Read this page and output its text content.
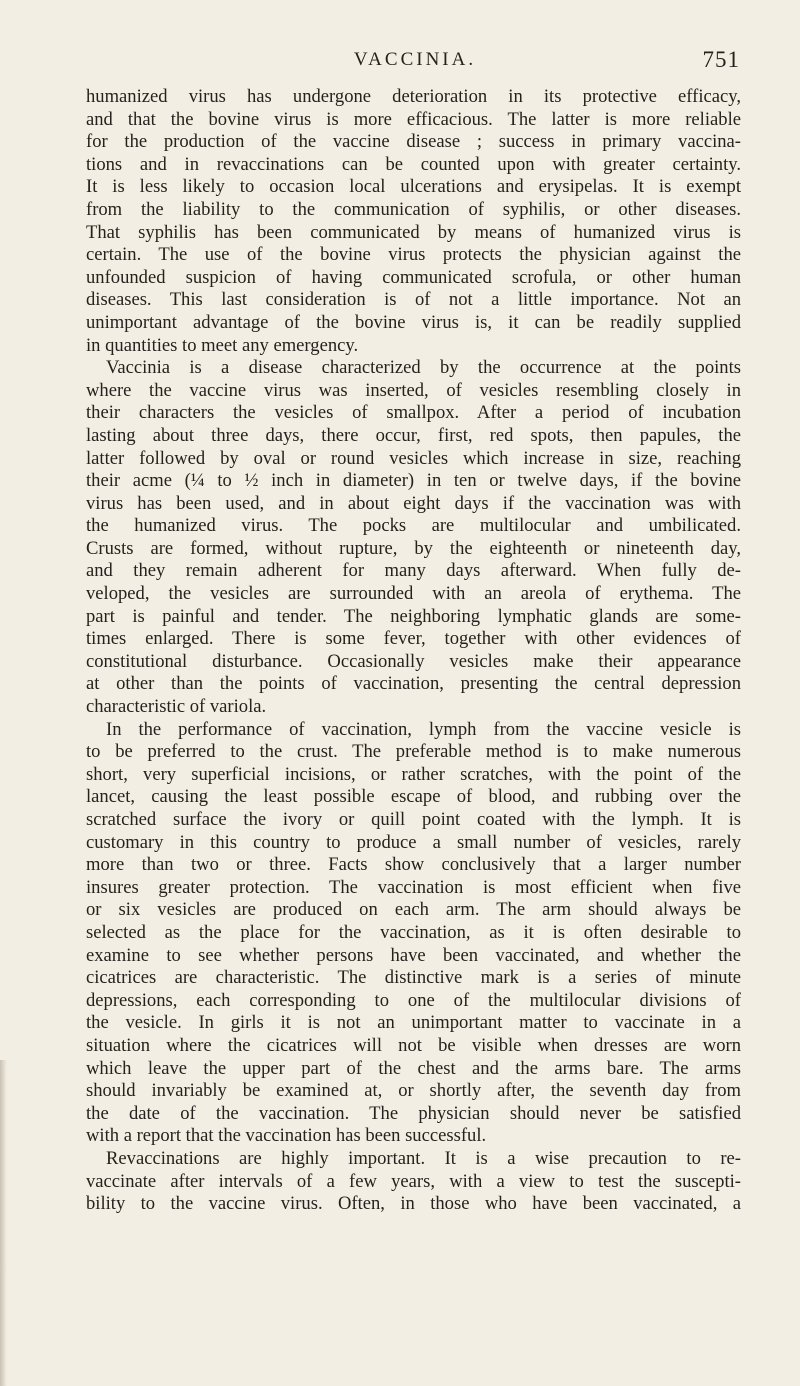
VACCINIA.	751
humanized virus has undergone deterioration in its protective efficacy,
and that the bovine virus is more efficacious. The latter is more reliable
for the production of the vaccine disease ; success in primary vaccina-
tions and in revaccinations can be counted upon with greater certainty.
It is less likely to occasion local ulcerations and erysipelas. It is exempt
from the liability to the communication of syphilis, or other diseases.
That syphilis has been communicated by means of humanized virus is
certain. The use of the bovine virus protects the physician against the
unfounded suspicion of having communicated scrofula, or other human
diseases. This last consideration is of not a little importance. Not an
unimportant advantage of the bovine virus is, it can be readily supplied
in quantities to meet any emergency.
Vaccinia is a disease characterized by the occurrence at the points
where the vaccine virus was inserted, of vesicles resembling closely in
their characters the vesicles of smallpox. After a period of incubation
lasting about three days, there occur, first, red spots, then papules, the
latter followed by oval or round vesicles which increase in size, reaching
their acme (¼ to ½ inch in diameter) in ten or twelve days, if the bovine
virus has been used, and in about eight days if the vaccination was with
the humanized virus. The pocks are multilocular and umbilicated.
Crusts are formed, without rupture, by the eighteenth or nineteenth day,
and they remain adherent for many days afterward. When fully de-
veloped, the vesicles are surrounded with an areola of erythema. The
part is painful and tender. The neighboring lymphatic glands are some-
times enlarged. There is some fever, together with other evidences of
constitutional disturbance. Occasionally vesicles make their appearance
at other than the points of vaccination, presenting the central depression
characteristic of variola.
In the performance of vaccination, lymph from the vaccine vesicle is
to be preferred to the crust. The preferable method is to make numerous
short, very superficial incisions, or rather scratches, with the point of the
lancet, causing the least possible escape of blood, and rubbing over the
scratched surface the ivory or quill point coated with the lymph. It is
customary in this country to produce a small number of vesicles, rarely
more than two or three. Facts show conclusively that a larger number
insures greater protection. The vaccination is most efficient when five
or six vesicles are produced on each arm. The arm should always be
selected as the place for the vaccination, as it is often desirable to
examine to see whether persons have been vaccinated, and whether the
cicatrices are characteristic. The distinctive mark is a series of minute
depressions, each corresponding to one of the multilocular divisions of
the vesicle. In girls it is not an unimportant matter to vaccinate in a
situation where the cicatrices will not be visible when dresses are worn
which leave the upper part of the chest and the arms bare. The arms
should invariably be examined at, or shortly after, the seventh day from
the date of the vaccination. The physician should never be satisfied
with a report that the vaccination has been successful.
Revaccinations are highly important. It is a wise precaution to re-
vaccinate after intervals of a few years, with a view to test the suscepti-
bility to the vaccine virus. Often, in those who have been vaccinated, a
